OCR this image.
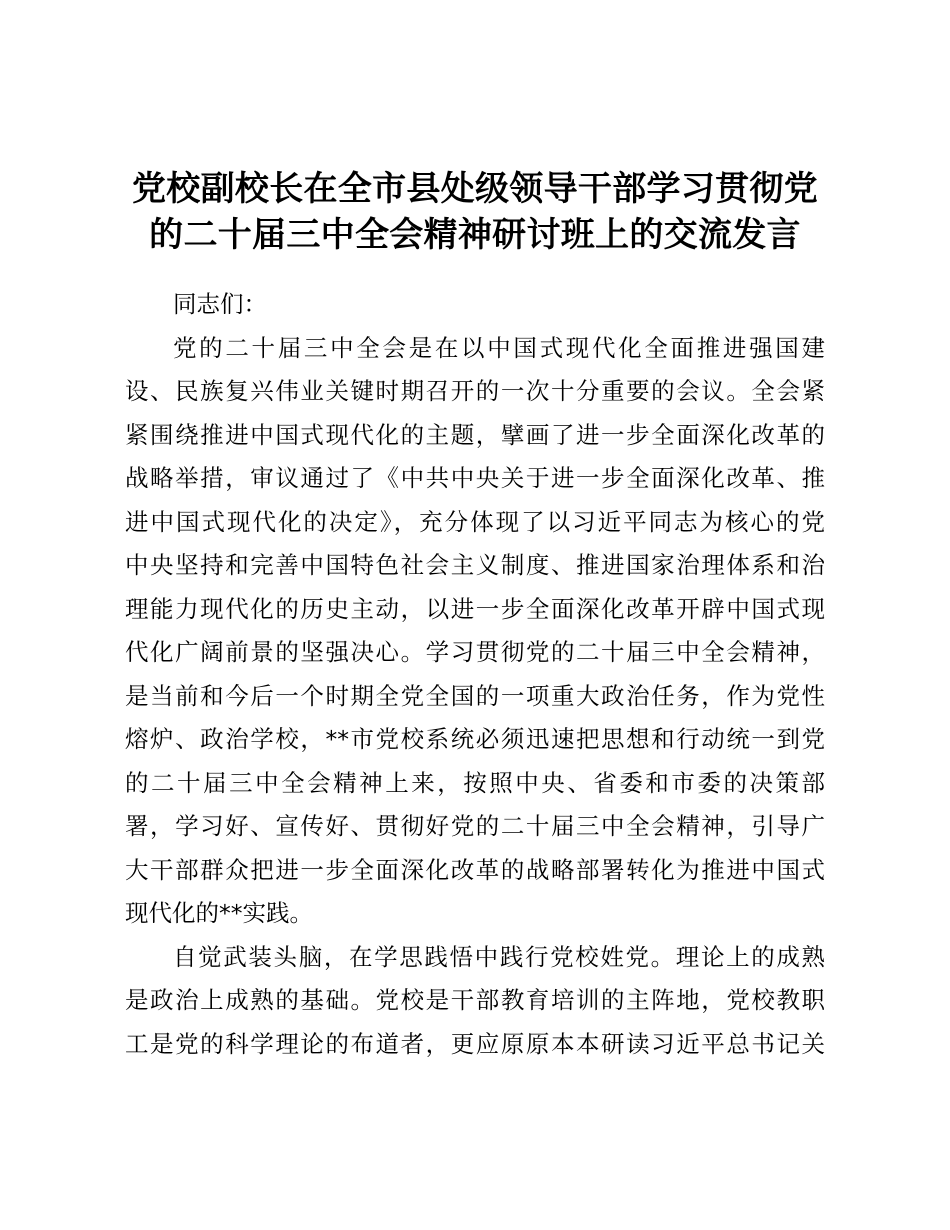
党校副校长在全市县处级领导干部学习贯彻党
的二十届三中全会精神研讨班上的交流发言
同志们：
党的二十届三中全会是在以中国式现代化全面推进强国建
设、民族复兴伟业关键时期召开的一次十分重要的会议。全会紧
紧围绕推进中国式现代化的主题，擘画了进一步全面深化改革的
战略举措，审议通过了《中共中央关于进一步全面深化改革、推
进中国式现代化的决定》，充分体现了以习近平同志为核心的党
中央坚持和完善中国特色社会主义制度、推进国家治理体系和治
理能力现代化的历史主动，以进一步全面深化改革开辟中国式现
代化广阔前景的坚强决心。学习贯彻党的二十届三中全会精神，
是当前和今后一个时期全党全国的一项重大政治任务，作为党性
熔炉、政治学校，**市党校系统必须迅速把思想和行动统一到党
的二十届三中全会精神上来，按照中央、省委和市委的决策部
署，学习好、宣传好、贯彻好党的二十届三中全会精神，引导广
大干部群众把进一步全面深化改革的战略部署转化为推进中国式
现代化的**实践。
自觉武装头脑，在学思践悟中践行党校姓党。理论上的成熟
是政治上成熟的基础。党校是干部教育培训的主阵地，党校教职
工是党的科学理论的布道者，更应原原本本研读习近平总书记关
